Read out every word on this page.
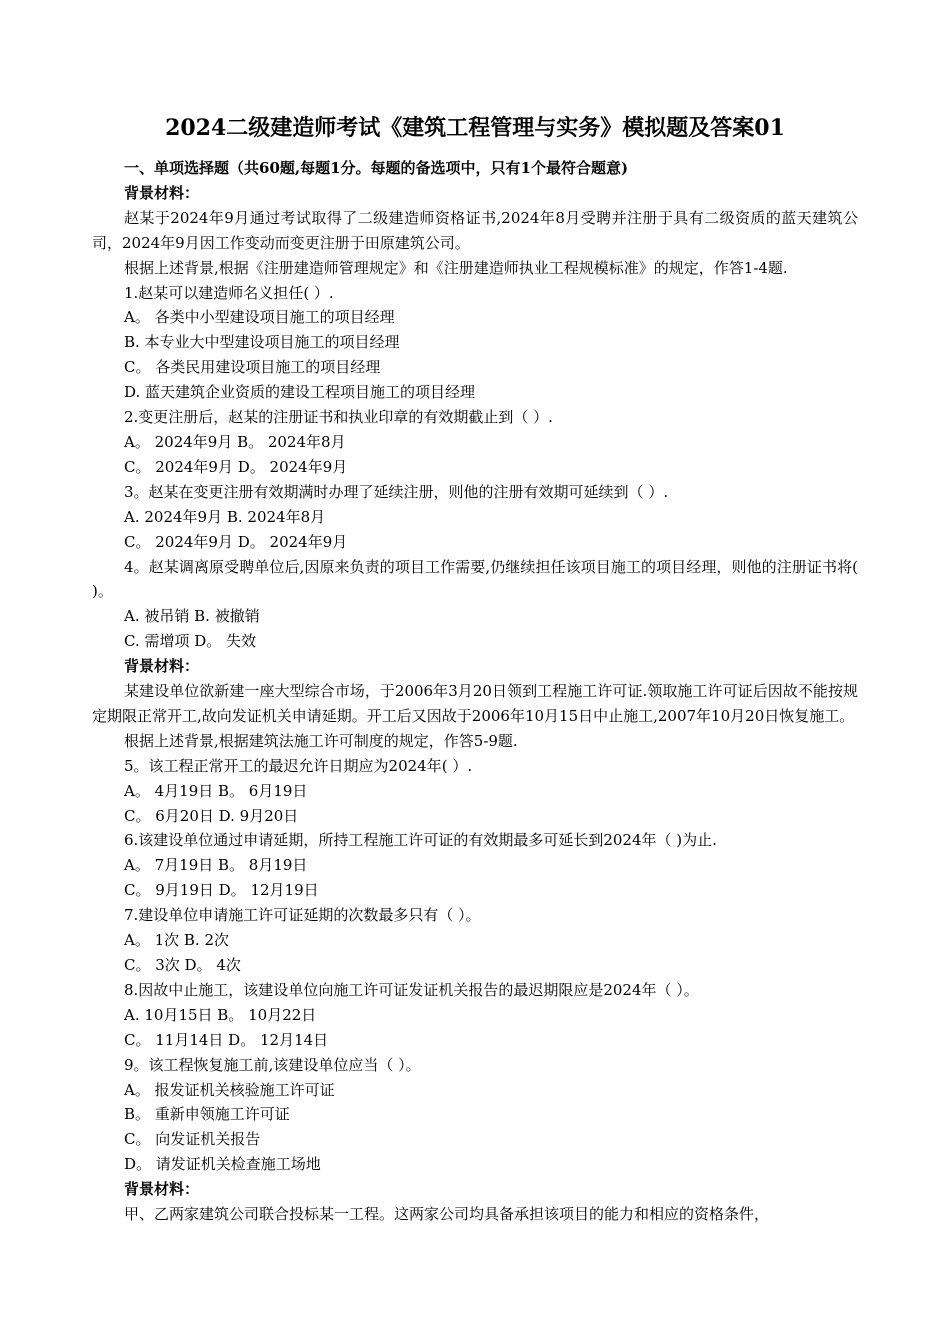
2024二级建造师考试《建筑工程管理与实务》模拟题及答案01
一、单项选择题（共60题,每题1分。每题的备选项中，只有1个最符合题意)
背景材料：
赵某于2024年9月通过考试取得了二级建造师资格证书,2024年8月受聘并注册于具有二级资质的蓝天建筑公司，2024年9月因工作变动而变更注册于田原建筑公司。
根据上述背景,根据《注册建造师管理规定》和《注册建造师执业工程规模标准》的规定，作答1-4题.
1.赵某可以建造师名义担任( ）.
A。 各类中小型建设项目施工的项目经理
B. 本专业大中型建设项目施工的项目经理
C。 各类民用建设项目施工的项目经理
D. 蓝天建筑企业资质的建设工程项目施工的项目经理
2.变更注册后，赵某的注册证书和执业印章的有效期截止到（ ）.
A。 2024年9月 B。 2024年8月
C。 2024年9月 D。 2024年9月
3。赵某在变更注册有效期满时办理了延续注册，则他的注册有效期可延续到（ ）.
A. 2024年9月 B. 2024年8月
C。 2024年9月 D。 2024年9月
4。赵某调离原受聘单位后,因原来负责的项目工作需要,仍继续担任该项目施工的项目经理，则他的注册证书将( )。
A. 被吊销 B. 被撤销
C. 需增项 D。 失效
背景材料：
某建设单位欲新建一座大型综合市场，于2006年3月20日领到工程施工许可证.领取施工许可证后因故不能按规定期限正常开工,故向发证机关申请延期。开工后又因故于2006年10月15日中止施工,2007年10月20日恢复施工。
根据上述背景,根据建筑法施工许可制度的规定，作答5-9题.
5。该工程正常开工的最迟允许日期应为2024年( ）.
A。 4月19日 B。 6月19日
C。 6月20日 D. 9月20日
6.该建设单位通过申请延期，所持工程施工许可证的有效期最多可延长到2024年（ )为止.
A。 7月19日 B。 8月19日
C。 9月19日 D。 12月19日
7.建设单位申请施工许可证延期的次数最多只有（ ）。
A。 1次 B. 2次
C。 3次 D。 4次
8.因故中止施工，该建设单位向施工许可证发证机关报告的最迟期限应是2024年（ ）。
A. 10月15日 B。 10月22日
C。 11月14日 D。 12月14日
9。该工程恢复施工前,该建设单位应当（ ）。
A。 报发证机关核验施工许可证
B。 重新申领施工许可证
C。 向发证机关报告
D。 请发证机关检查施工场地
背景材料：
甲、乙两家建筑公司联合投标某一工程。这两家公司均具备承担该项目的能力和相应的资格条件，
